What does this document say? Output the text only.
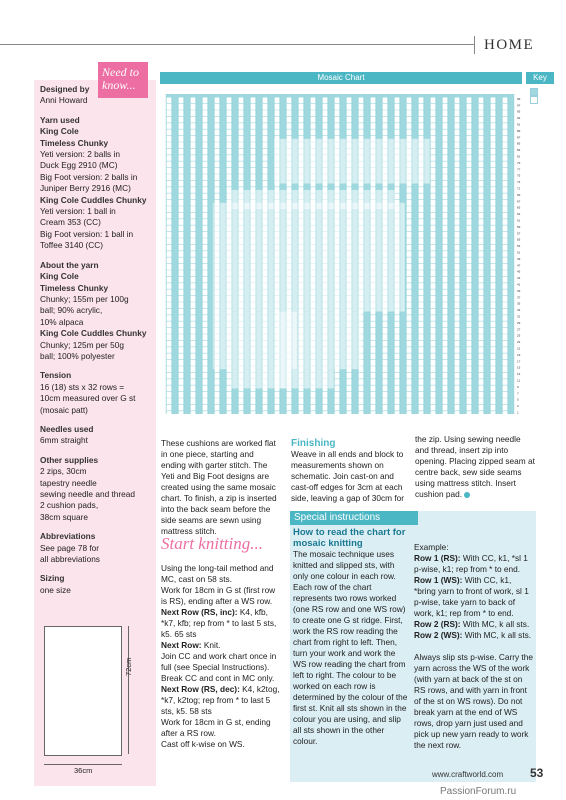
HOME
Need to know...
Designed by
Anni Howard
Yarn used
King Cole
Timeless Chunky
Yeti version: 2 balls in
Duck Egg 2910 (MC)
Big Foot version: 2 balls in
Juniper Berry 2916 (MC)
King Cole Cuddles Chunky
Yeti version: 1 ball in
Cream 353 (CC)
Big Foot version: 1 ball in
Toffee 3140 (CC)
About the yarn
King Cole
Timeless Chunky
Chunky; 155m per 100g
ball; 90% acrylic,
10% alpaca
King Cole Cuddles Chunky
Chunky; 125m per 50g
ball; 100% polyester
Tension
16 (18) sts x 32 rows =
10cm measured over G st
(mosaic patt)
Needles used
6mm straight
Other supplies
2 zips, 30cm
tapestry needle
sewing needle and thread
2 cushion pads,
38cm square
Abbreviations
See page 78 for
all abbreviations
Sizing
one size
72cm
36cm
Mosaic Chart	Key
1
3
5
7
9
11
13
15
17
19
21
23
25
27
29
31
33
35
37
39
41
43
45
47
49
51
53
55
57
59
61
63
65
67
69
71
73
75
77
79
81
83
85
87
89
91
93
95
97
99

These cushions are worked flat in one piece, starting and ending with garter stitch. The Yeti and Big Foot designs are created using the same mosaic chart. To finish, a zip is inserted into the back seam before the side seams are sewn using mattress stitch.

Start knitting...

Using the long-tail method and MC, cast on 58 sts.

Work for 18cm in G st (first row is RS), ending after a WS row.

Next Row (RS, inc): K4, kfb, *k7, kfb; rep from * to last 5 sts, k5. 65 sts

Next Row: Knit.

Join CC and work chart once in full (see Special Instructions).

Break CC and cont in MC only.

Next Row (RS, dec): K4, k2tog, *k7, k2tog; rep from * to last 5 sts, k5. 58 sts

Work for 18cm in G st, ending after a RS row.

Cast off k-wise on WS.

Finishing

Weave in all ends and block to measurements shown on schematic. Join cast-on and cast-off edges for 3cm at each side, leaving a gap of 30cm for

the zip. Using sewing needle and thread, insert zip into opening. Placing zipped seam at centre back, sew side seams using mattress stitch. Insert cushion pad.

Special instructions
How to read the chart for mosaic knitting

The mosaic technique uses knitted and slipped sts, with only one colour in each row. Each row of the chart represents two rows worked (one RS row and one WS row) to create one G st ridge. First, work the RS row reading the chart from right to left. Then, turn your work and work the WS row reading the chart from left to right. The colour to be worked on each row is determined by the colour of the first st. Knit all sts shown in the colour you are using, and slip all sts shown in the other colour.

Example:

Row 1 (RS): With CC, k1, *sl 1 p-wise, k1; rep from * to end.

Row 1 (WS): With CC, k1, *bring yarn to front of work, sl 1 p-wise, take yarn to back of work, k1; rep from * to end.

Row 2 (RS): With MC, k all sts.

Row 2 (WS): With MC, k all sts.

Always slip sts p-wise. Carry the yarn across the WS of the work (with yarn at back of the st on RS rows, and with yarn in front of the st on WS rows). Do not break yarn at the end of WS rows, drop yarn just used and pick up new yarn ready to work the next row.

www.craftworld.com 53
PassionForum.ru
